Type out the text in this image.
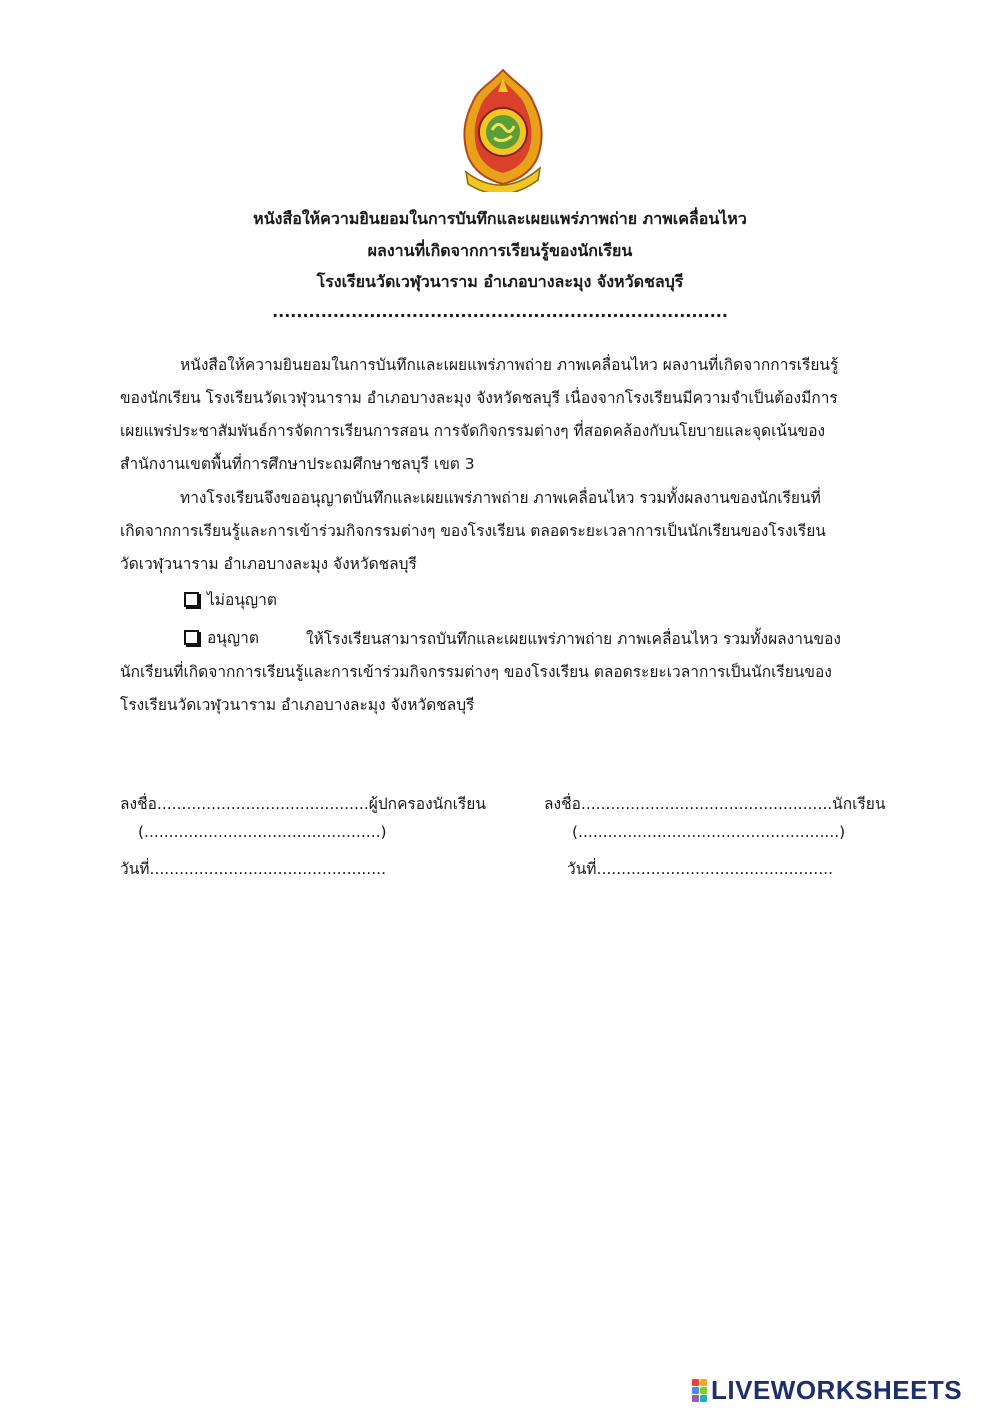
หนังสือให้ความยินยอมในการบันทึกและเผยแพร่ภาพถ่าย ภาพเคลื่อนไหว
ผลงานที่เกิดจากการเรียนรู้ของนักเรียน
โรงเรียนวัดเวฬุวนาราม อำเภอบางละมุง จังหวัดชลบุรี
...........................................................................
หนังสือให้ความยินยอมในการบันทึกและเผยแพร่ภาพถ่าย ภาพเคลื่อนไหว ผลงานที่เกิดจากการเรียนรู้
ของนักเรียน โรงเรียนวัดเวฬุวนาราม อำเภอบางละมุง จังหวัดชลบุรี เนื่องจากโรงเรียนมีความจำเป็นต้องมีการ
เผยแพร่ประชาสัมพันธ์การจัดการเรียนการสอน การจัดกิจกรรมต่างๆ ที่สอดคล้องกับนโยบายและจุดเน้นของ
สำนักงานเขตพื้นที่การศึกษาประถมศึกษาชลบุรี เขต 3
ทางโรงเรียนจึงขออนุญาตบันทึกและเผยแพร่ภาพถ่าย ภาพเคลื่อนไหว รวมทั้งผลงานของนักเรียนที่
เกิดจากการเรียนรู้และการเข้าร่วมกิจกรรมต่างๆ ของโรงเรียน ตลอดระยะเวลาการเป็นนักเรียนของโรงเรียน
วัดเวฬุวนาราม อำเภอบางละมุง จังหวัดชลบุรี
ไม่อนุญาต
อนุญาต	ให้โรงเรียนสามารถบันทึกและเผยแพร่ภาพถ่าย ภาพเคลื่อนไหว รวมทั้งผลงานของ
นักเรียนที่เกิดจากการเรียนรู้และการเข้าร่วมกิจกรรมต่างๆ ของโรงเรียน ตลอดระยะเวลาการเป็นนักเรียนของ
โรงเรียนวัดเวฬุวนาราม อำเภอบางละมุง จังหวัดชลบุรี
ลงชื่อ...........................................ผู้ปกครองนักเรียน
(................................................)
วันที่................................................
ลงชื่อ...................................................นักเรียน
(.....................................................)
วันที่................................................
LIVEWORKSHEETS
